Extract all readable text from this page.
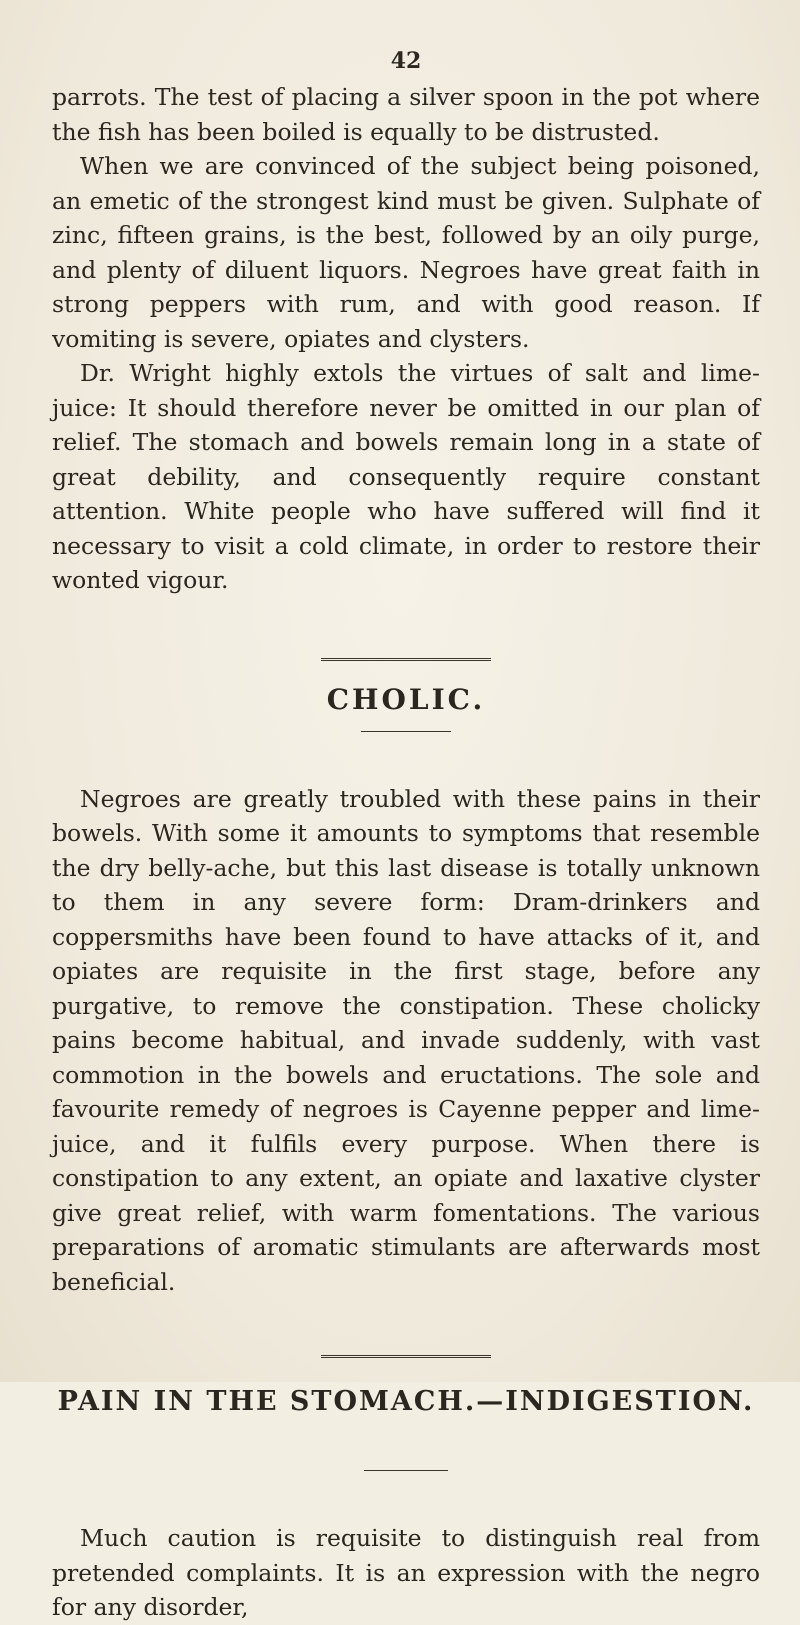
42

parrots. The test of placing a silver spoon in the pot where the fish has been boiled is equally to be distrusted.

When we are convinced of the subject being poisoned, an emetic of the strongest kind must be given. Sulphate of zinc, fifteen grains, is the best, followed by an oily purge, and plenty of diluent liquors. Negroes have great faith in strong peppers with rum, and with good reason. If vomiting is severe, opiates and clysters.

Dr. Wright highly extols the virtues of salt and lime-juice: It should therefore never be omitted in our plan of relief. The stomach and bowels remain long in a state of great debility, and consequently require constant attention. White people who have suffered will find it necessary to visit a cold climate, in order to restore their wonted vigour.

CHOLIC.

Negroes are greatly troubled with these pains in their bowels. With some it amounts to symptoms that resemble the dry belly-ache, but this last disease is totally unknown to them in any severe form: Dram-drinkers and coppersmiths have been found to have attacks of it, and opiates are requisite in the first stage, before any purgative, to remove the constipation. These cholicky pains become habitual, and invade suddenly, with vast commotion in the bowels and eructations. The sole and favourite remedy of negroes is Cayenne pepper and lime-juice, and it fulfils every purpose. When there is constipation to any extent, an opiate and laxative clyster give great relief, with warm fomentations. The various preparations of aromatic stimulants are afterwards most beneficial.

PAIN IN THE STOMACH.—INDIGESTION.

Much caution is requisite to distinguish real from pretended complaints. It is an expression with the negro for any disorder,
